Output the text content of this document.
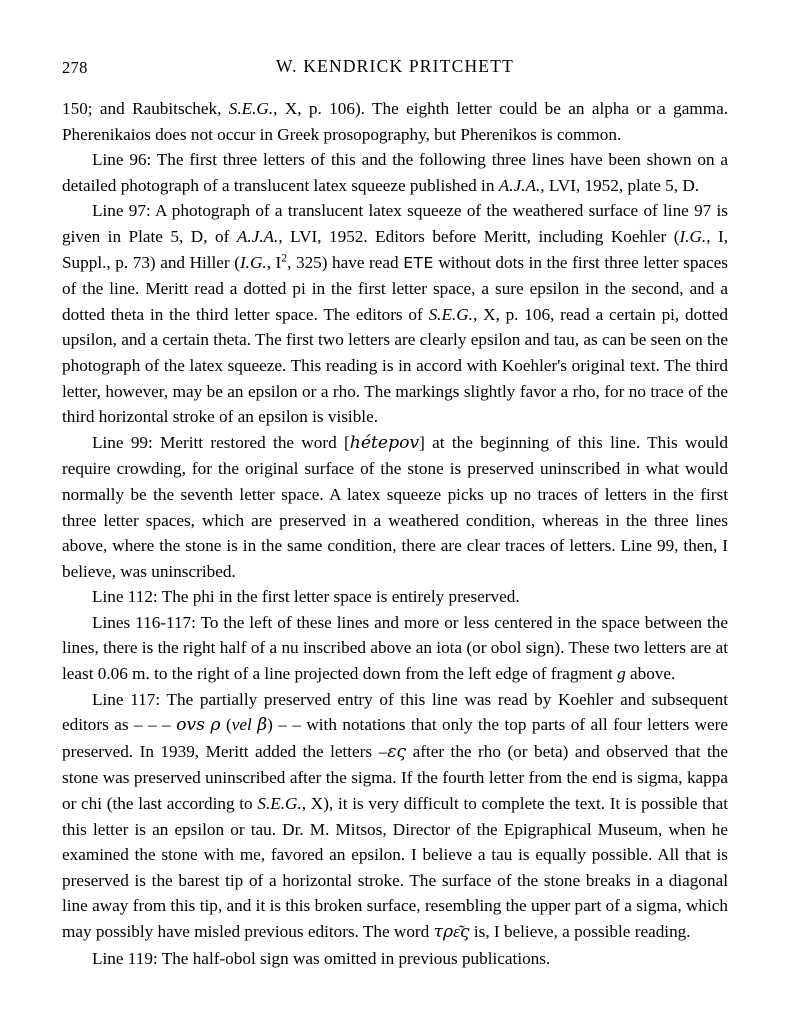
278	W. KENDRICK PRITCHETT

150; and Raubitschek, S.E.G., X, p. 106). The eighth letter could be an alpha or a gamma. Pherenikaios does not occur in Greek prosopography, but Pherenikos is common.

Line 96: The first three letters of this and the following three lines have been shown on a detailed photograph of a translucent latex squeeze published in A.J.A., LVI, 1952, plate 5, D.

Line 97: A photograph of a translucent latex squeeze of the weathered surface of line 97 is given in Plate 5, D, of A.J.A., LVI, 1952. Editors before Meritt, including Koehler (I.G., I, Suppl., p. 73) and Hiller (I.G., $I^2$, 325) have read ETE without dots in the first three letter spaces of the line. Meritt read a dotted pi in the first letter space, a sure epsilon in the second, and a dotted theta in the third letter space. The editors of S.E.G., X, p. 106, read a certain pi, dotted upsilon, and a certain theta. The first two letters are clearly epsilon and tau, as can be seen on the photograph of the latex squeeze. This reading is in accord with Koehler's original text. The third letter, however, may be an epsilon or a rho. The markings slightly favor a rho, for no trace of the third horizontal stroke of an epsilon is visible.

Line 99: Meritt restored the word [hétepov] at the beginning of this line. This would require crowding, for the original surface of the stone is preserved uninscribed in what would normally be the seventh letter space. A latex squeeze picks up no traces of letters in the first three letter spaces, which are preserved in a weathered condition, whereas in the three lines above, where the stone is in the same condition, there are clear traces of letters. Line 99, then, I believe, was uninscribed.

Line 112: The phi in the first letter space is entirely preserved.

Lines 116-117: To the left of these lines and more or less centered in the space between the lines, there is the right half of a nu inscribed above an iota (or obol sign). These two letters are at least 0.06 m. to the right of a line projected down from the left edge of fragment g above.

Line 117: The partially preserved entry of this line was read by Koehler and subsequent editors as – – – ovs ρ (vel β) – – with notations that only the top parts of all four letters were preserved. In 1939, Meritt added the letters –ες after the rho (or beta) and observed that the stone was preserved uninscribed after the sigma. If the fourth letter from the end is sigma, kappa or chi (the last according to S.E.G., X), it is very difficult to complete the text. It is possible that this letter is an epsilon or tau. Dr. M. Mitsos, Director of the Epigraphical Museum, when he examined the stone with me, favored an epsilon. I believe a tau is equally possible. All that is preserved is the barest tip of a horizontal stroke. The surface of the stone breaks in a diagonal line away from this tip, and it is this broken surface, resembling the upper part of a sigma, which may possibly have misled previous editors. The word τρε͂ς is, I believe, a possible reading.

Line 119: The half-obol sign was omitted in previous publications.
